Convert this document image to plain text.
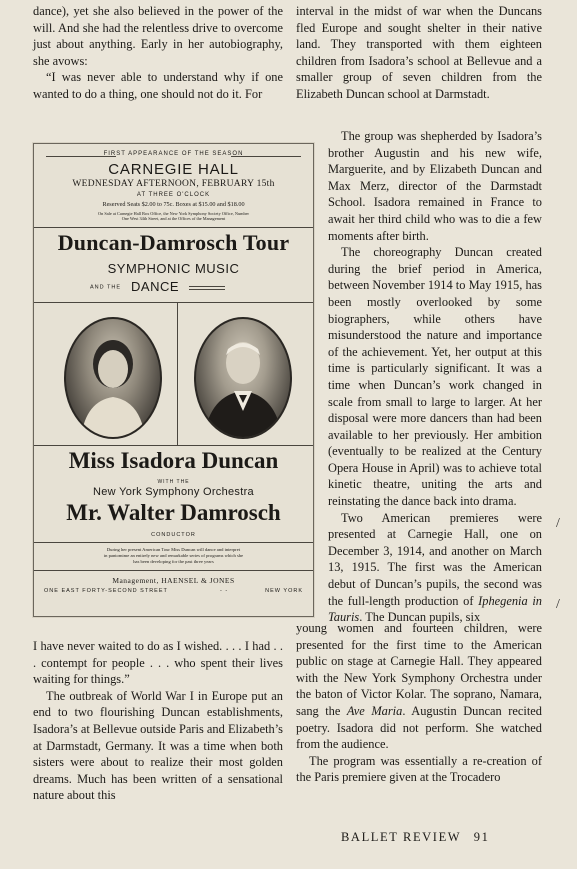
dance), yet she also believed in the power of the will. And she had the relentless drive to overcome just about anything. Early in her autobiography, she avows:

“I was never able to understand why if one wanted to do a thing, one should not do it. For

FIRST APPEARANCE OF THE SEASON
CARNEGIE HALL
WEDNESDAY AFTERNOON, FEBRUARY 15th
AT THREE O'CLOCK
Reserved Seats $2.00 to 75c. Boxes at $15.00 and $18.00
On Sale at Carnegie Hall Box Office, the New York Symphony Society Office, Number
One West 34th Street, and at the Offices of the Management
Duncan-Damrosch Tour
SYMPHONIC MUSIC
AND THE DANCE
Miss Isadora Duncan
WITH THE
New York Symphony Orchestra
Mr. Walter Damrosch
CONDUCTOR
During her present American Tour Miss Duncan will dance and interpret
in pantomime an entirely new and remarkable series of programs which she
has been developing for the past three years
Management, HAENSEL & JONES
ONE EAST FORTY-SECOND STREET	- -	NEW YORK

I have never waited to do as I wished. . . . I had . . . contempt for people . . . who spent their lives waiting for things.”

The outbreak of World War I in Europe put an end to two flourishing Duncan establishments, Isadora’s at Bellevue outside Paris and Elizabeth’s at Darmstadt, Germany. It was a time when both sisters were about to realize their most golden dreams. Much has been written of a sensational nature about this

interval in the midst of war when the Duncans fled Europe and sought shelter in their native land. They transported with them eighteen children from Isadora’s school at Bellevue and a smaller group of seven children from the Elizabeth Duncan school at Darmstadt.

The group was shepherded by Isadora’s brother Augustin and his new wife, Marguerite, and by Elizabeth Duncan and Max Merz, director of the Darmstadt School. Isadora remained in France to await her third child who was to die a few moments after birth.

The choreography Duncan created during the brief period in America, between November 1914 to May 1915, has been mostly overlooked by some biographers, while others have misunderstood the nature and importance of the achievement. Yet, her output at this time is particularly significant. It was a time when Duncan’s work changed in scale from small to large to larger. At her disposal were more dancers than had been available to her previously. Her ambition (eventually to be realized at the Century Opera House in April) was to achieve total kinetic theatre, uniting the arts and reinstating the dance back into drama.

Two American premieres were presented at Carnegie Hall, one on December 3, 1914, and another on March 13, 1915. The first was the American debut of Duncan’s pupils, the second was the full-length production of Iphegenia in Tauris. The Duncan pupils, six

young women and fourteen children, were presented for the first time to the American public on stage at Carnegie Hall. They appeared with the New York Symphony Orchestra under the baton of Victor Kolar. The soprano, Namara, sang the Ave Maria. Augustin Duncan recited poetry. Isadora did not perform. She watched from the audience.

The program was essentially a re-creation of the Paris premiere given at the Trocadero

/
/
BALLET REVIEW 91
